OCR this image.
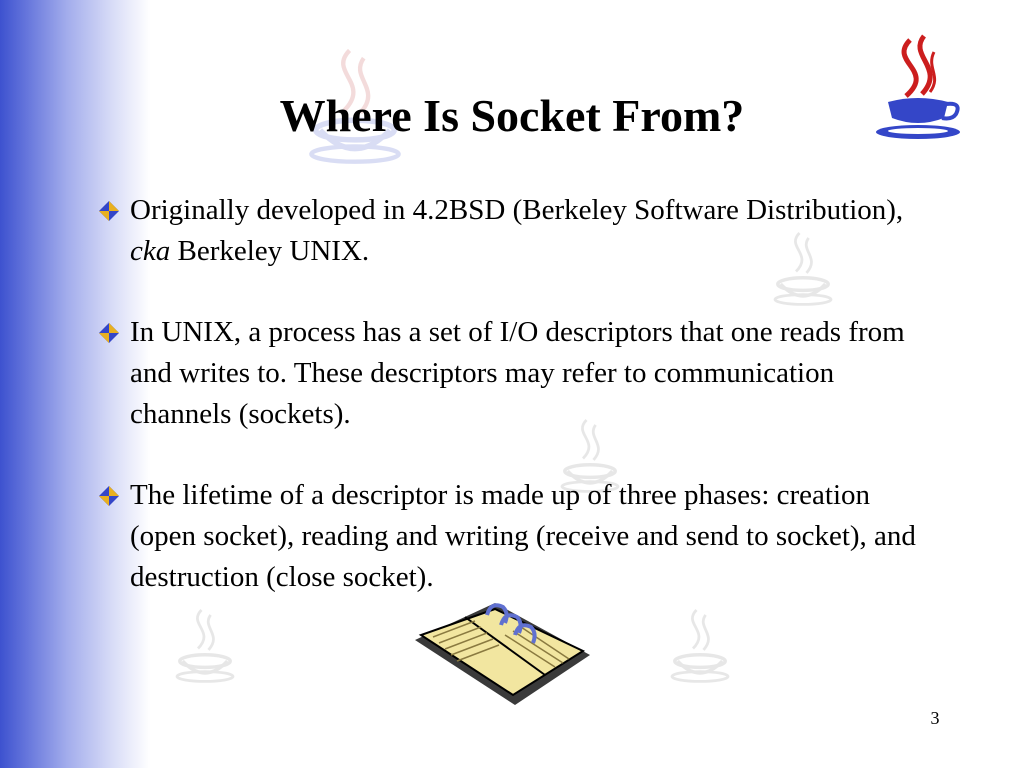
Where Is Socket From?
Originally developed in 4.2BSD (Berkeley Software Distribution), cka Berkeley UNIX.
In UNIX, a process has a set of I/O descriptors that one reads from and writes to. These descriptors may refer to communication channels (sockets).
The lifetime of a descriptor is made up of three phases: creation (open socket), reading and writing (receive and send to socket), and destruction (close socket).
3
